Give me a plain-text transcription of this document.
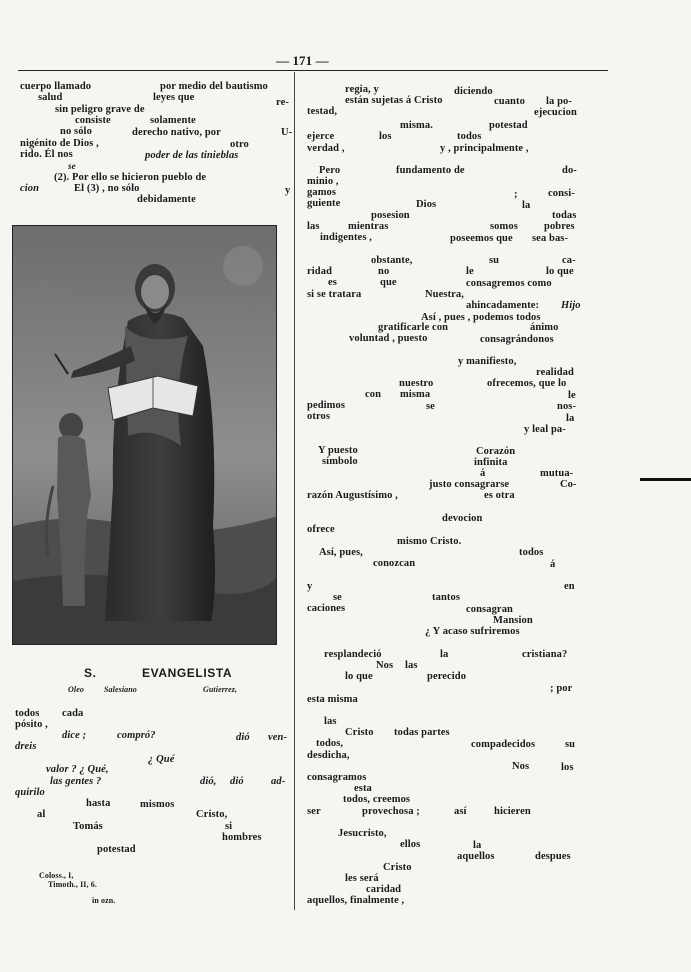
— 171 —
cuerpo llamado	por medio del bautismo
salud	leyes que	re-
sin peligro grave de
consiste	solamente
no sólo	derecho nativo, por	U-
nigénito de Dios ,	otro
rido. Él nos	poder de las tinieblas
se
(2). Por ello se hicieron pueblo de
cion	El (3) , no sólo	y
debidamente
S.	EVANGELISTA
Oleo	Salesiano	Gutierrez,
todos cada
pósito ,
dice ;	compró?	dió ven-
dreis
¿ Qué
valor ? ¿ Qué,
las gentes ?	dió, dió	ad-
quirilo
hasta	mismos
al	Cristo,
Tomás	si
hombres
potestad
Coloss., I,
Timoth., II, 6.
in ozn.
regia, y	diciendo
están sujetas á Cristo	cuanto la po-
testad,	ejecucion
misma.	potestad
ejerce	los	todos
verdad ,	y , principalmente ,
Pero	fundamento de	do-
minio ,
gamos	;	consi-
guiente	Dios	la
posesion	todas
las	mientras	somos pobres
indigentes ,	poseemos que sea bas-
obstante,	su	ca-
ridad	no	le	lo que
es	que	consagremos como
si se tratara	Nuestra,
ahincadamente: Hijo
Así , pues , podemos todos
gratificarle con	ánimo
voluntad , puesto	consagrándonos
y manifiesto,
realidad
nuestro	ofrecemos, que lo
con misma	le
pedimos	se	nos-
otros	la
y leal pa-
Y puesto	Corazón
símbolo	infinita
á	mutua-
justo consagrarse	Co-
razón Augustísimo ,	es otra
devocion
ofrece
mismo Cristo.
Así, pues,	todos
conozcan	á
y	en
se	tantos
caciones	consagran
Mansion
¿ Y acaso sufriremos
resplandeció	la	cristiana?
Nos las
lo que	perecido
; por
esta misma
las
Cristo todas partes
todos,	compadecidos	su
desdicha,
Nos	los
consagramos
esta
todos, creemos
ser	provechosa ;	así	hicieren
Jesucristo,
ellos	la
aquellos	despues
Cristo
les será
caridad
aquellos, finalmente ,
